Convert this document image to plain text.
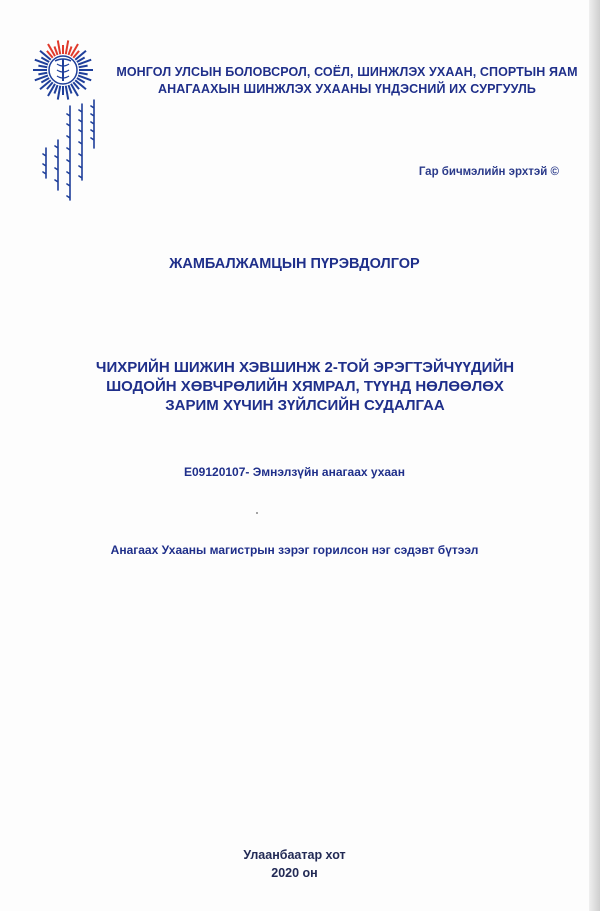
МОНГОЛ УЛСЫН БОЛОВСРОЛ, СОЁЛ, ШИНЖЛЭХ УХААН, СПОРТЫН ЯАМ
АНАГААХЫН ШИНЖЛЭХ УХААНЫ ҮНДЭСНИЙ ИХ СУРГУУЛЬ
Гар бичмэлийн эрхтэй ©
ЖАМБАЛЖАМЦЫН ПҮРЭВДОЛГОР
ЧИХРИЙН ШИЖИН ХЭВШИНЖ 2-ТОЙ ЭРЭГТЭЙЧҮҮДИЙН
ШОДОЙН ХӨВЧРӨЛИЙН ХЯМРАЛ, ТҮҮНД НӨЛӨӨЛӨХ
ЗАРИМ ХҮЧИН ЗҮЙЛСИЙН СУДАЛГАА
E09120107- Эмнэлзүйн анагаах ухаан
Анагаах Ухааны магистрын зэрэг горилсон нэг сэдэвт бүтээл
Улаанбаатар хот
2020 он
